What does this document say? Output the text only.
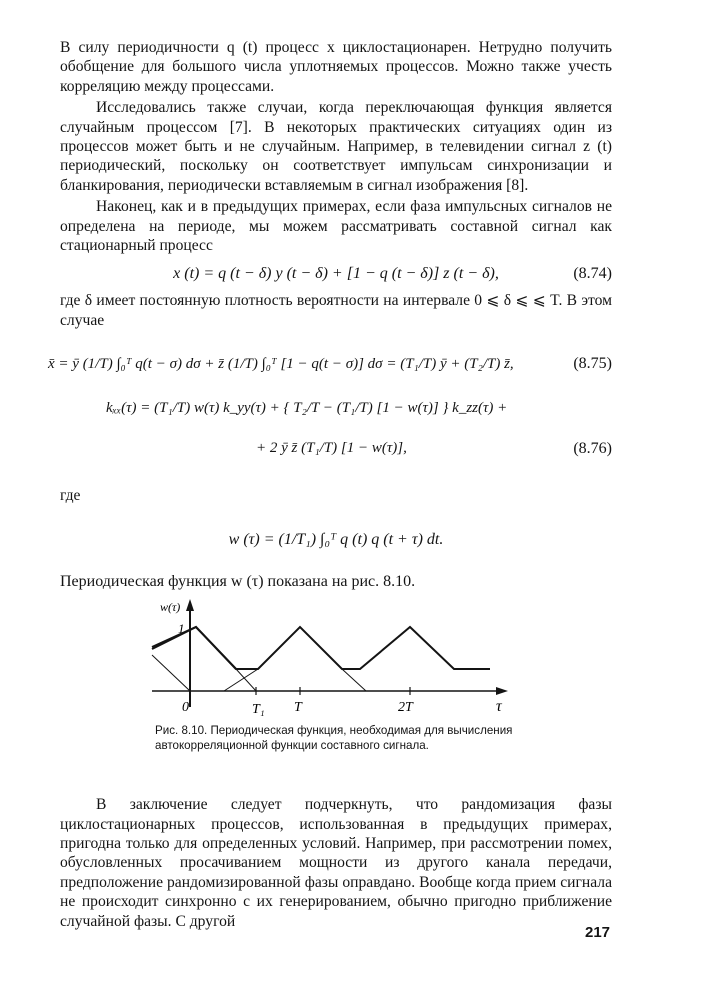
В силу периодичности q (t) процесс x циклостационарен. Нетрудно получить обобщение для большого числа уплотняемых процессов. Можно также учесть корреляцию между процессами.

Исследовались также случаи, когда переключающая функция является случайным процессом [7]. В некоторых практических ситуациях один из процессов может быть и не случайным. Например, в телевидении сигнал z (t) периодический, поскольку он соответствует импульсам синхронизации и бланкирования, периодически вставляемым в сигнал изображения [8].

Наконец, как и в предыдущих примерах, если фаза импульсных сигналов не определена на периоде, мы можем рассматривать составной сигнал как стационарный процесс

x (t) = q (t − δ) y (t − δ) + [1 − q (t − δ)] z (t − δ),	(8.74)

где δ имеет постоянную плотность вероятности на интервале 0 ⩽ δ ⩽ ⩽ T. В этом случае

x̄ = ȳ (1/T) ∫₀ᵀ q(t − σ) dσ + z̄ (1/T) ∫₀ᵀ [1 − q(t − σ)] dσ = (T₁/T) ȳ + (T₂/T) z̄,	(8.75)
kₓₓ(τ) = (T₁/T) w(τ) k_yy(τ) + { T₂/T − (T₁/T) [1 − w(τ)] } k_zz(τ) +
+ 2 ȳ z̄ (T₁/T) [1 − w(τ)],	(8.76)

где

w (τ) = (1/T₁) ∫₀ᵀ q (t) q (t + τ) dt.

Периодическая функция w (τ) показана на рис. 8.10.

w(τ)
1
0	T₁ T	2T	τ
Рис. 8.10. Периодическая функция, необходимая для вычисления автокорреляционной функции составного сигнала.

В заключение следует подчеркнуть, что рандомизация фазы циклостационарных процессов, использованная в предыдущих примерах, пригодна только для определенных условий. Например, при рассмотрении помех, обусловленных просачиванием мощности из другого канала передачи, предположение рандомизированной фазы оправдано. Вообще когда прием сигнала не происходит синхронно с их генерированием, обычно пригодно приближение случайной фазы. С другой

217
